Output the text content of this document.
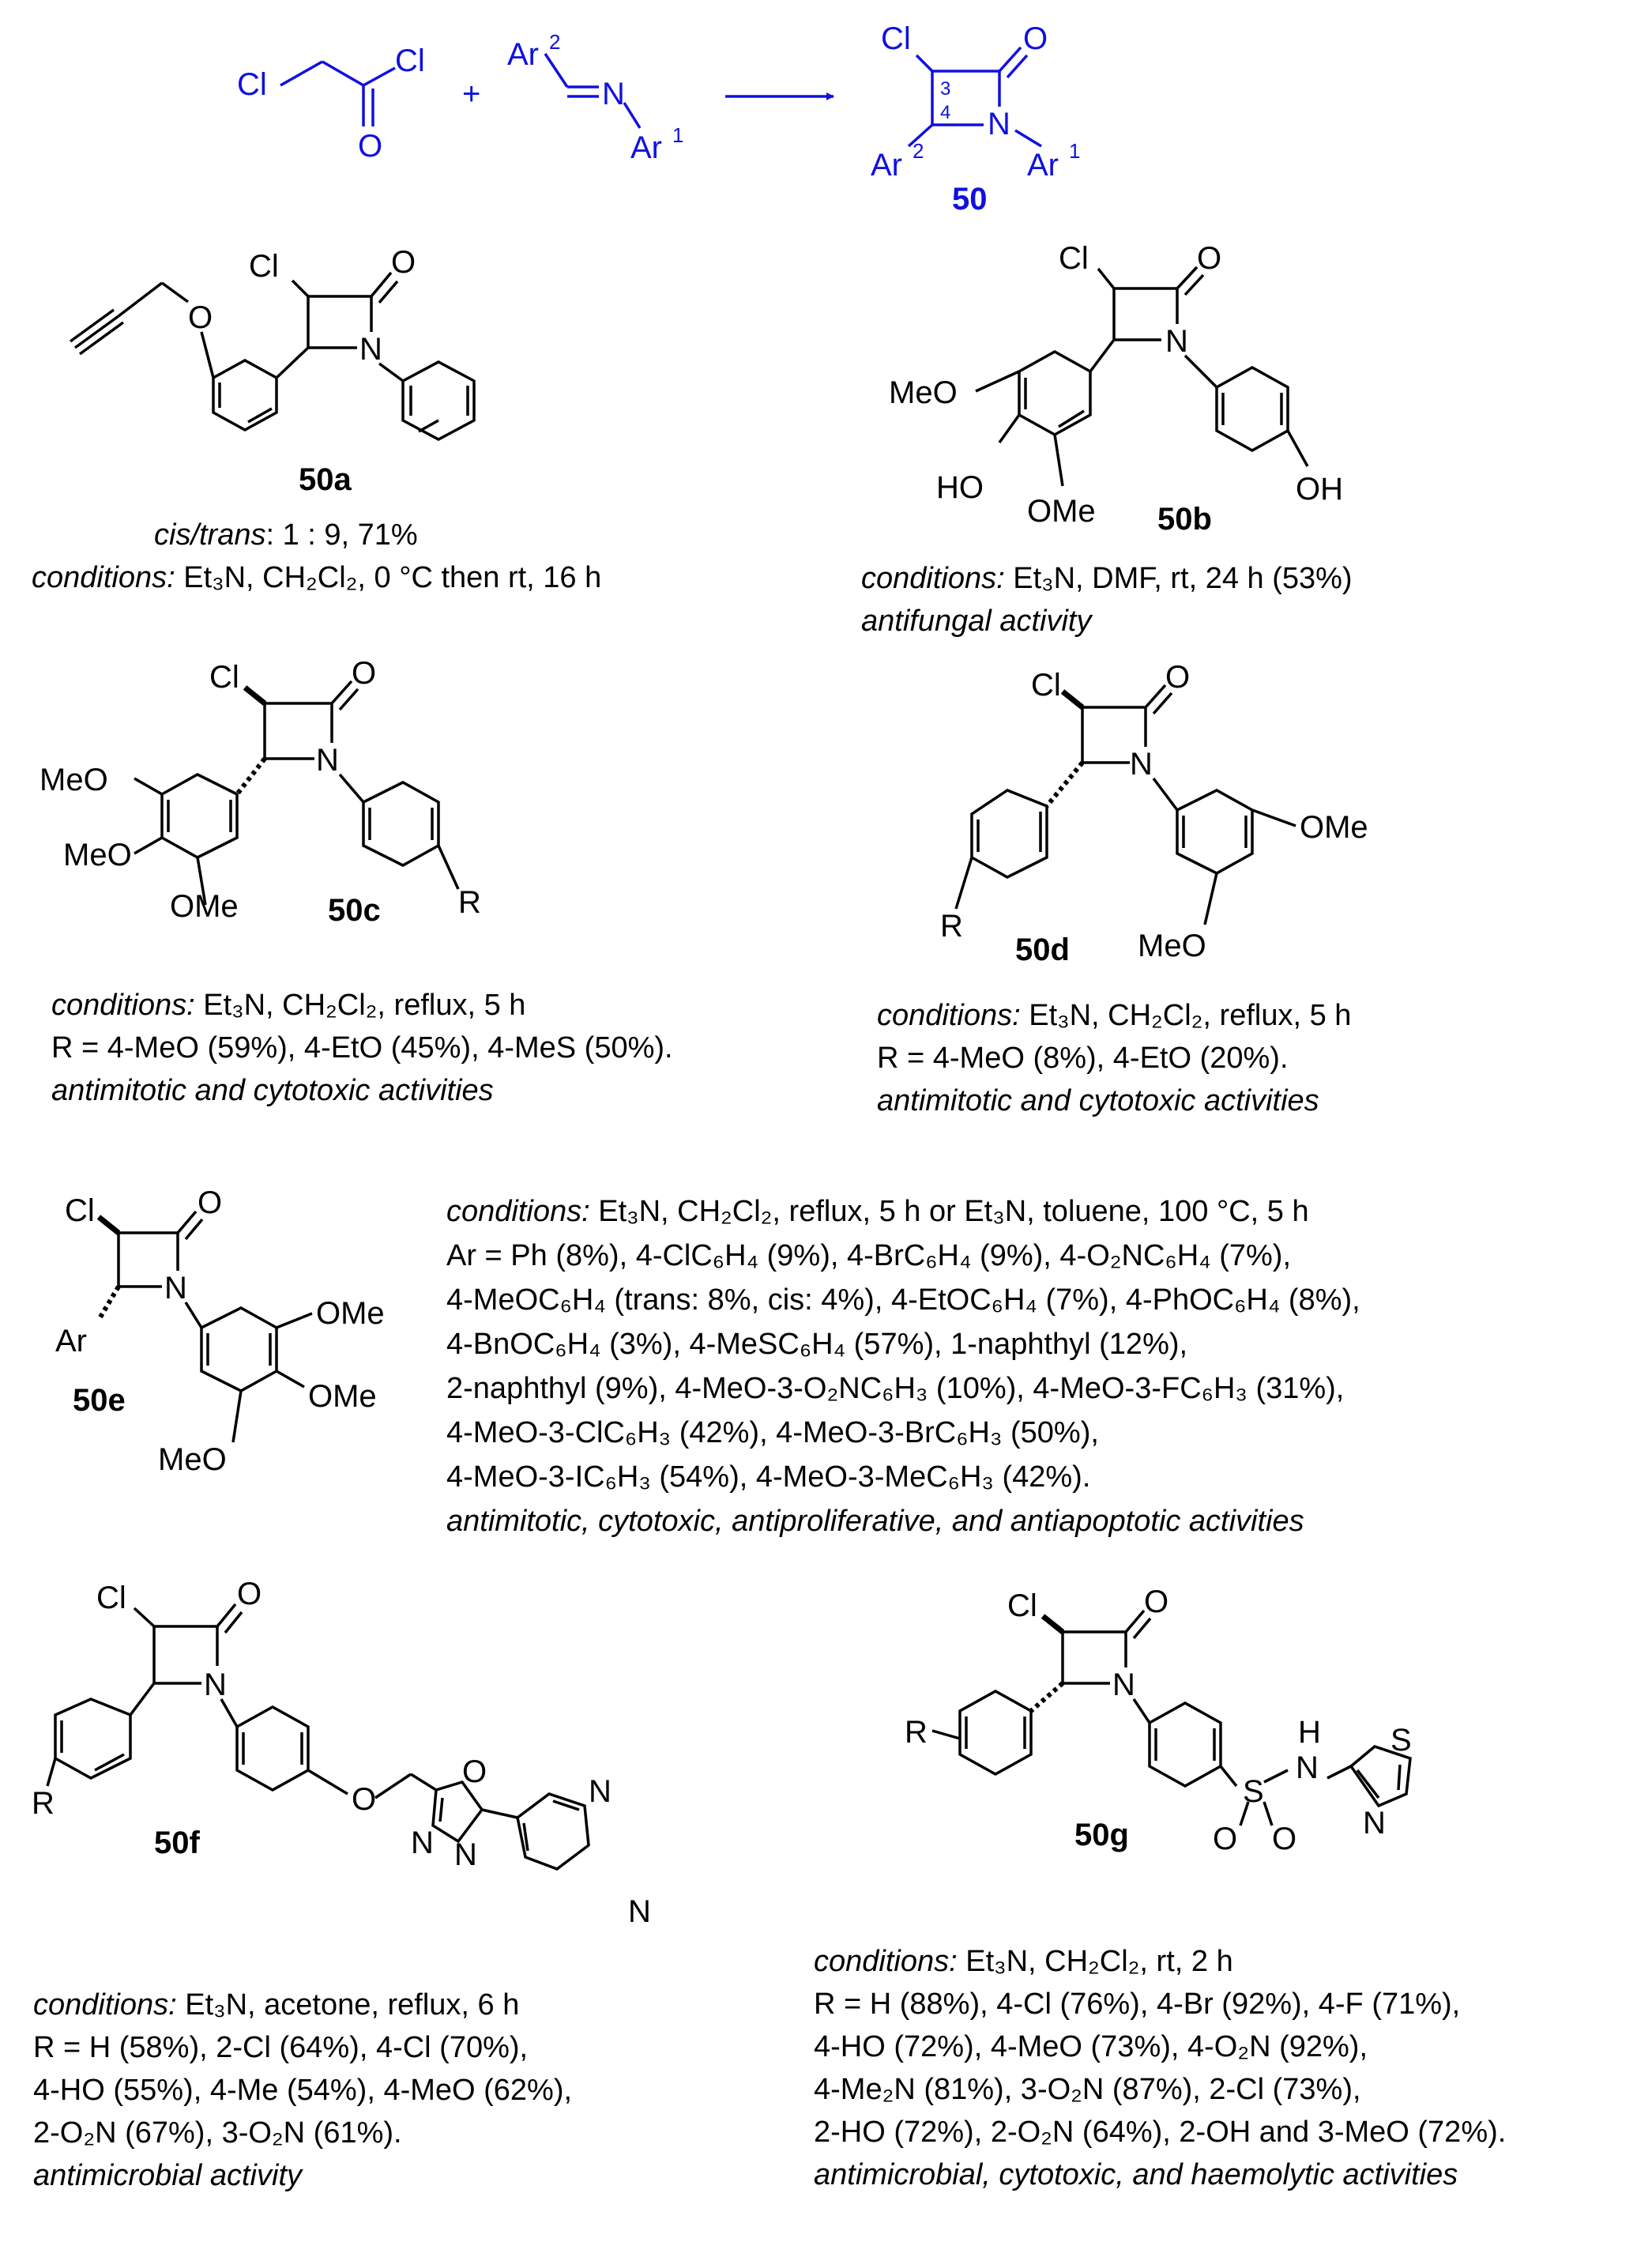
Cl
Cl
O
+
Ar 2
N
Ar 1
Cl	O
N
3
4
Ar 2	Ar 1
50
Cl	O
N
O
50a
Cl	O
N
MeO
HO
OMe
OH
50b
Cl	O
N
MeO
MeO
OMe	R
50c
Cl	O
N
OMe
MeO
R
50d
Cl	O
N
Ar
OMe
OMe
MeO
50e
Cl	O
N
R	O
O
N N
N
N
50f
Cl	O
N
R
S
O O
H
N
S
N
50g
cis/trans: 1 : 9, 71%
conditions: Et₃N, CH₂Cl₂, 0 °C then rt, 16 h	conditions: Et₃N, DMF, rt, 24 h (53%)
antifungal activity
conditions: Et₃N, CH₂Cl₂, reflux, 5 h
R = 4-MeO (59%), 4-EtO (45%), 4-MeS (50%).
antimitotic and cytotoxic activities
conditions: Et₃N, CH₂Cl₂, reflux, 5 h
R = 4-MeO (8%), 4-EtO (20%).
antimitotic and cytotoxic activities
conditions: Et₃N, CH₂Cl₂, reflux, 5 h or Et₃N, toluene, 100 °C, 5 h
Ar = Ph (8%), 4-ClC₆H₄ (9%), 4-BrC₆H₄ (9%), 4-O₂NC₆H₄ (7%),
4-MeOC₆H₄ (trans: 8%, cis: 4%), 4-EtOC₆H₄ (7%), 4-PhOC₆H₄ (8%),
4-BnOC₆H₄ (3%), 4-MeSC₆H₄ (57%), 1-naphthyl (12%),
2-naphthyl (9%), 4-MeO-3-O₂NC₆H₃ (10%), 4-MeO-3-FC₆H₃ (31%),
4-MeO-3-ClC₆H₃ (42%), 4-MeO-3-BrC₆H₃ (50%),
4-MeO-3-IC₆H₃ (54%), 4-MeO-3-MeC₆H₃ (42%).
antimitotic, cytotoxic, antiproliferative, and antiapoptotic activities
conditions: Et₃N, acetone, reflux, 6 h
R = H (58%), 2-Cl (64%), 4-Cl (70%),
4-HO (55%), 4-Me (54%), 4-MeO (62%),
2-O₂N (67%), 3-O₂N (61%).
antimicrobial activity
conditions: Et₃N, CH₂Cl₂, rt, 2 h
R = H (88%), 4-Cl (76%), 4-Br (92%), 4-F (71%),
4-HO (72%), 4-MeO (73%), 4-O₂N (92%),
4-Me₂N (81%), 3-O₂N (87%), 2-Cl (73%),
2-HO (72%), 2-O₂N (64%), 2-OH and 3-MeO (72%).
antimicrobial, cytotoxic, and haemolytic activities
